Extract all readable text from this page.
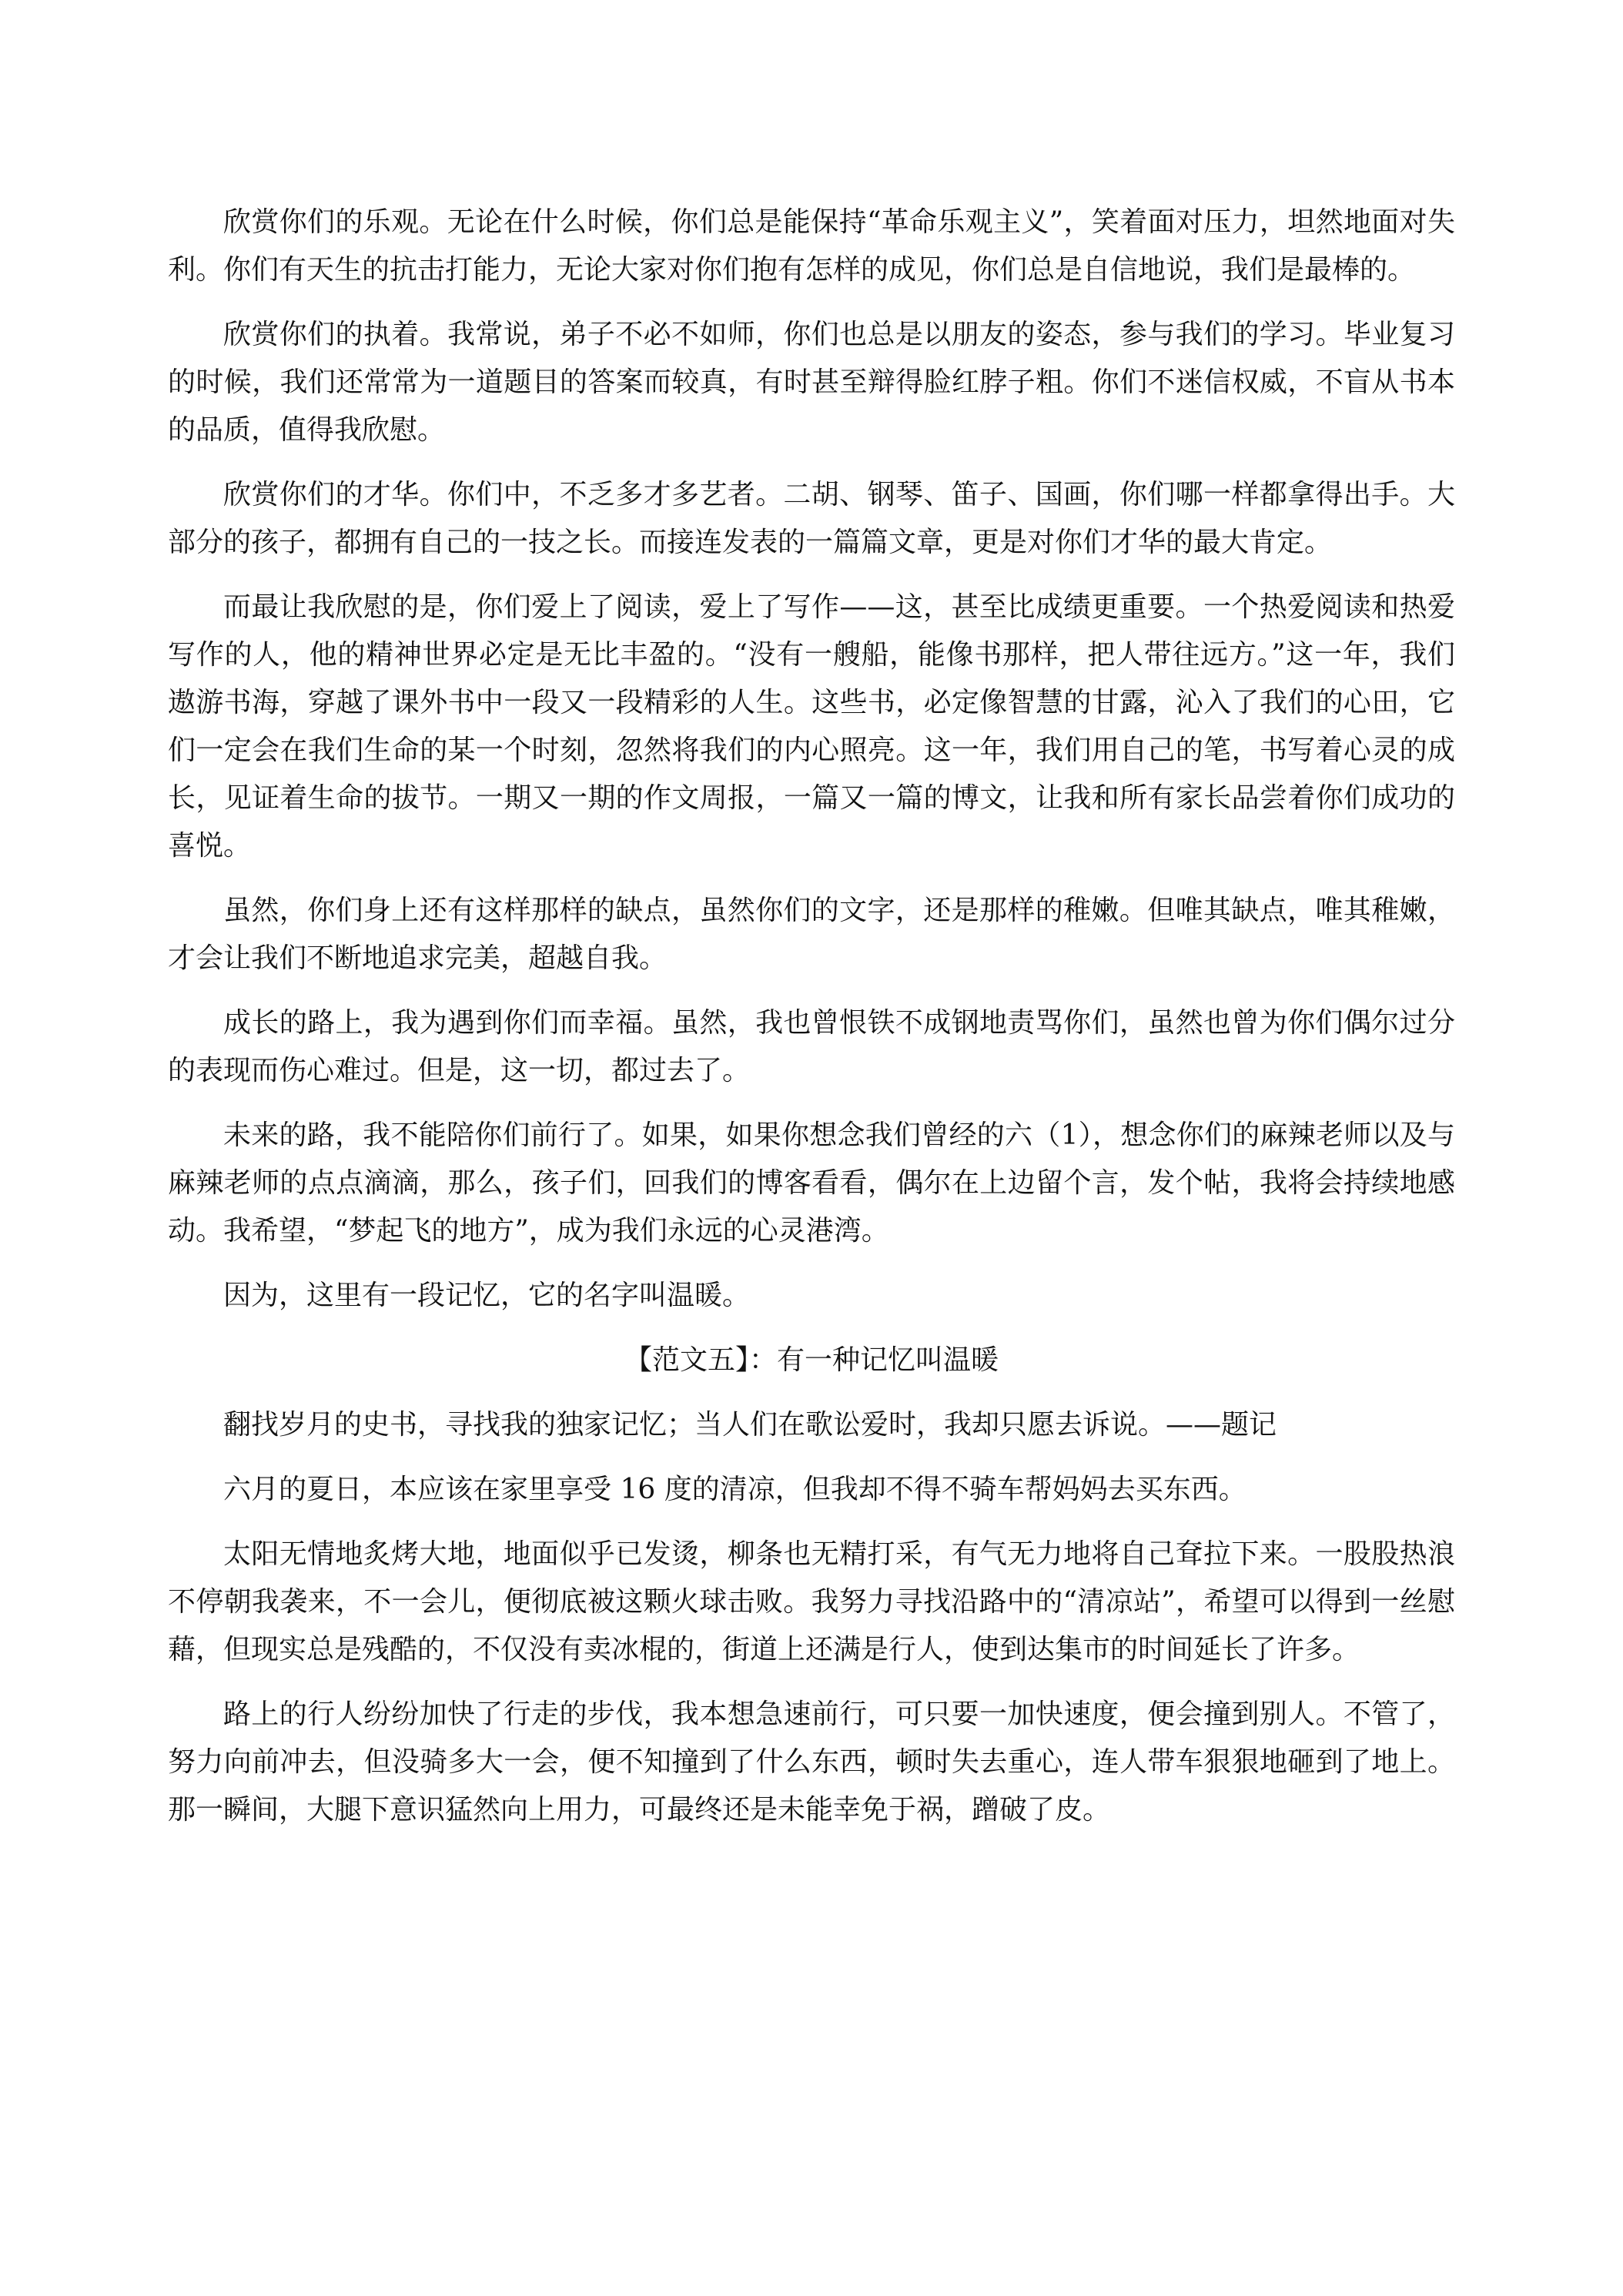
欣赏你们的乐观。无论在什么时候，你们总是能保持“革命乐观主义”，笑着面对压力，坦然地面对失利。你们有天生的抗击打能力，无论大家对你们抱有怎样的成见，你们总是自信地说，我们是最棒的。

欣赏你们的执着。我常说，弟子不必不如师，你们也总是以朋友的姿态，参与我们的学习。毕业复习的时候，我们还常常为一道题目的答案而较真，有时甚至辩得脸红脖子粗。你们不迷信权威，不盲从书本的品质，值得我欣慰。

欣赏你们的才华。你们中，不乏多才多艺者。二胡、钢琴、笛子、国画，你们哪一样都拿得出手。大部分的孩子，都拥有自己的一技之长。而接连发表的一篇篇文章，更是对你们才华的最大肯定。

而最让我欣慰的是，你们爱上了阅读，爱上了写作——这，甚至比成绩更重要。一个热爱阅读和热爱写作的人，他的精神世界必定是无比丰盈的。“没有一艘船，能像书那样，把人带往远方。”这一年，我们遨游书海，穿越了课外书中一段又一段精彩的人生。这些书，必定像智慧的甘露，沁入了我们的心田，它们一定会在我们生命的某一个时刻，忽然将我们的内心照亮。这一年，我们用自己的笔，书写着心灵的成长，见证着生命的拔节。一期又一期的作文周报，一篇又一篇的博文，让我和所有家长品尝着你们成功的喜悦。

虽然，你们身上还有这样那样的缺点，虽然你们的文字，还是那样的稚嫩。但唯其缺点，唯其稚嫩，才会让我们不断地追求完美，超越自我。

成长的路上，我为遇到你们而幸福。虽然，我也曾恨铁不成钢地责骂你们，虽然也曾为你们偶尔过分的表现而伤心难过。但是，这一切，都过去了。

未来的路，我不能陪你们前行了。如果，如果你想念我们曾经的六（1），想念你们的麻辣老师以及与麻辣老师的点点滴滴，那么，孩子们，回我们的博客看看，偶尔在上边留个言，发个帖，我将会持续地感动。我希望，“梦起飞的地方”，成为我们永远的心灵港湾。

因为，这里有一段记忆，它的名字叫温暖。

【范文五】：有一种记忆叫温暖

翻找岁月的史书，寻找我的独家记忆；当人们在歌讼爱时，我却只愿去诉说。——题记

六月的夏日，本应该在家里享受 16 度的清凉，但我却不得不骑车帮妈妈去买东西。

太阳无情地炙烤大地，地面似乎已发烫，柳条也无精打采，有气无力地将自己耷拉下来。一股股热浪不停朝我袭来，不一会儿，便彻底被这颗火球击败。我努力寻找沿路中的“清凉站”，希望可以得到一丝慰藉，但现实总是残酷的，不仅没有卖冰棍的，街道上还满是行人，使到达集市的时间延长了许多。

路上的行人纷纷加快了行走的步伐，我本想急速前行，可只要一加快速度，便会撞到别人。不管了，努力向前冲去，但没骑多大一会，便不知撞到了什么东西，顿时失去重心，连人带车狠狠地砸到了地上。那一瞬间，大腿下意识猛然向上用力，可最终还是未能幸免于祸，蹭破了皮。
